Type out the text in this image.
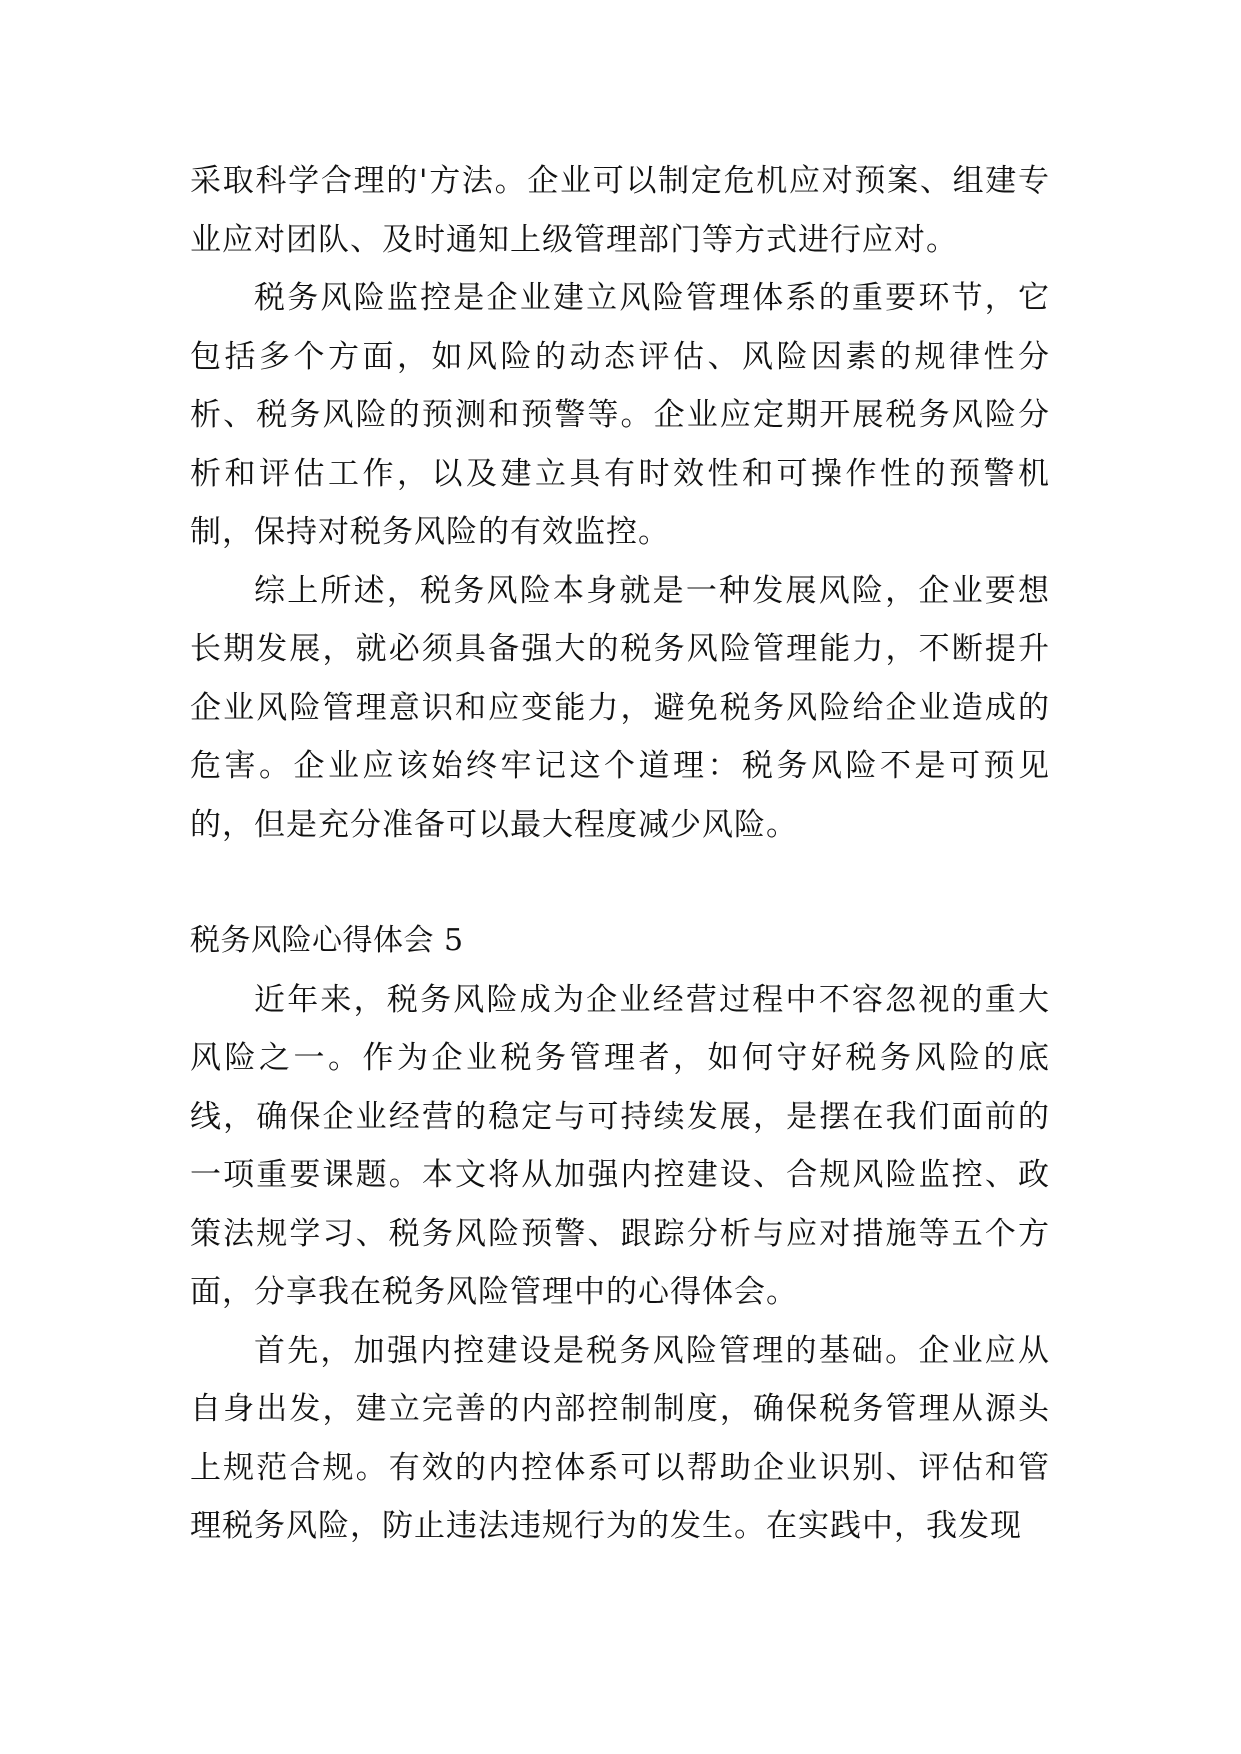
采取科学合理的'方法。企业可以制定危机应对预案、组建专业应对团队、及时通知上级管理部门等方式进行应对。

税务风险监控是企业建立风险管理体系的重要环节，它包括多个方面，如风险的动态评估、风险因素的规律性分析、税务风险的预测和预警等。企业应定期开展税务风险分析和评估工作，以及建立具有时效性和可操作性的预警机制，保持对税务风险的有效监控。

综上所述，税务风险本身就是一种发展风险，企业要想长期发展，就必须具备强大的税务风险管理能力，不断提升企业风险管理意识和应变能力，避免税务风险给企业造成的危害。企业应该始终牢记这个道理：税务风险不是可预见的，但是充分准备可以最大程度减少风险。

税务风险心得体会 5

近年来，税务风险成为企业经营过程中不容忽视的重大风险之一。作为企业税务管理者，如何守好税务风险的底线，确保企业经营的稳定与可持续发展，是摆在我们面前的一项重要课题。本文将从加强内控建设、合规风险监控、政策法规学习、税务风险预警、跟踪分析与应对措施等五个方面，分享我在税务风险管理中的心得体会。

首先，加强内控建设是税务风险管理的基础。企业应从自身出发，建立完善的内部控制制度，确保税务管理从源头上规范合规。有效的内控体系可以帮助企业识别、评估和管理税务风险，防止违法违规行为的发生。在实践中，我发现
